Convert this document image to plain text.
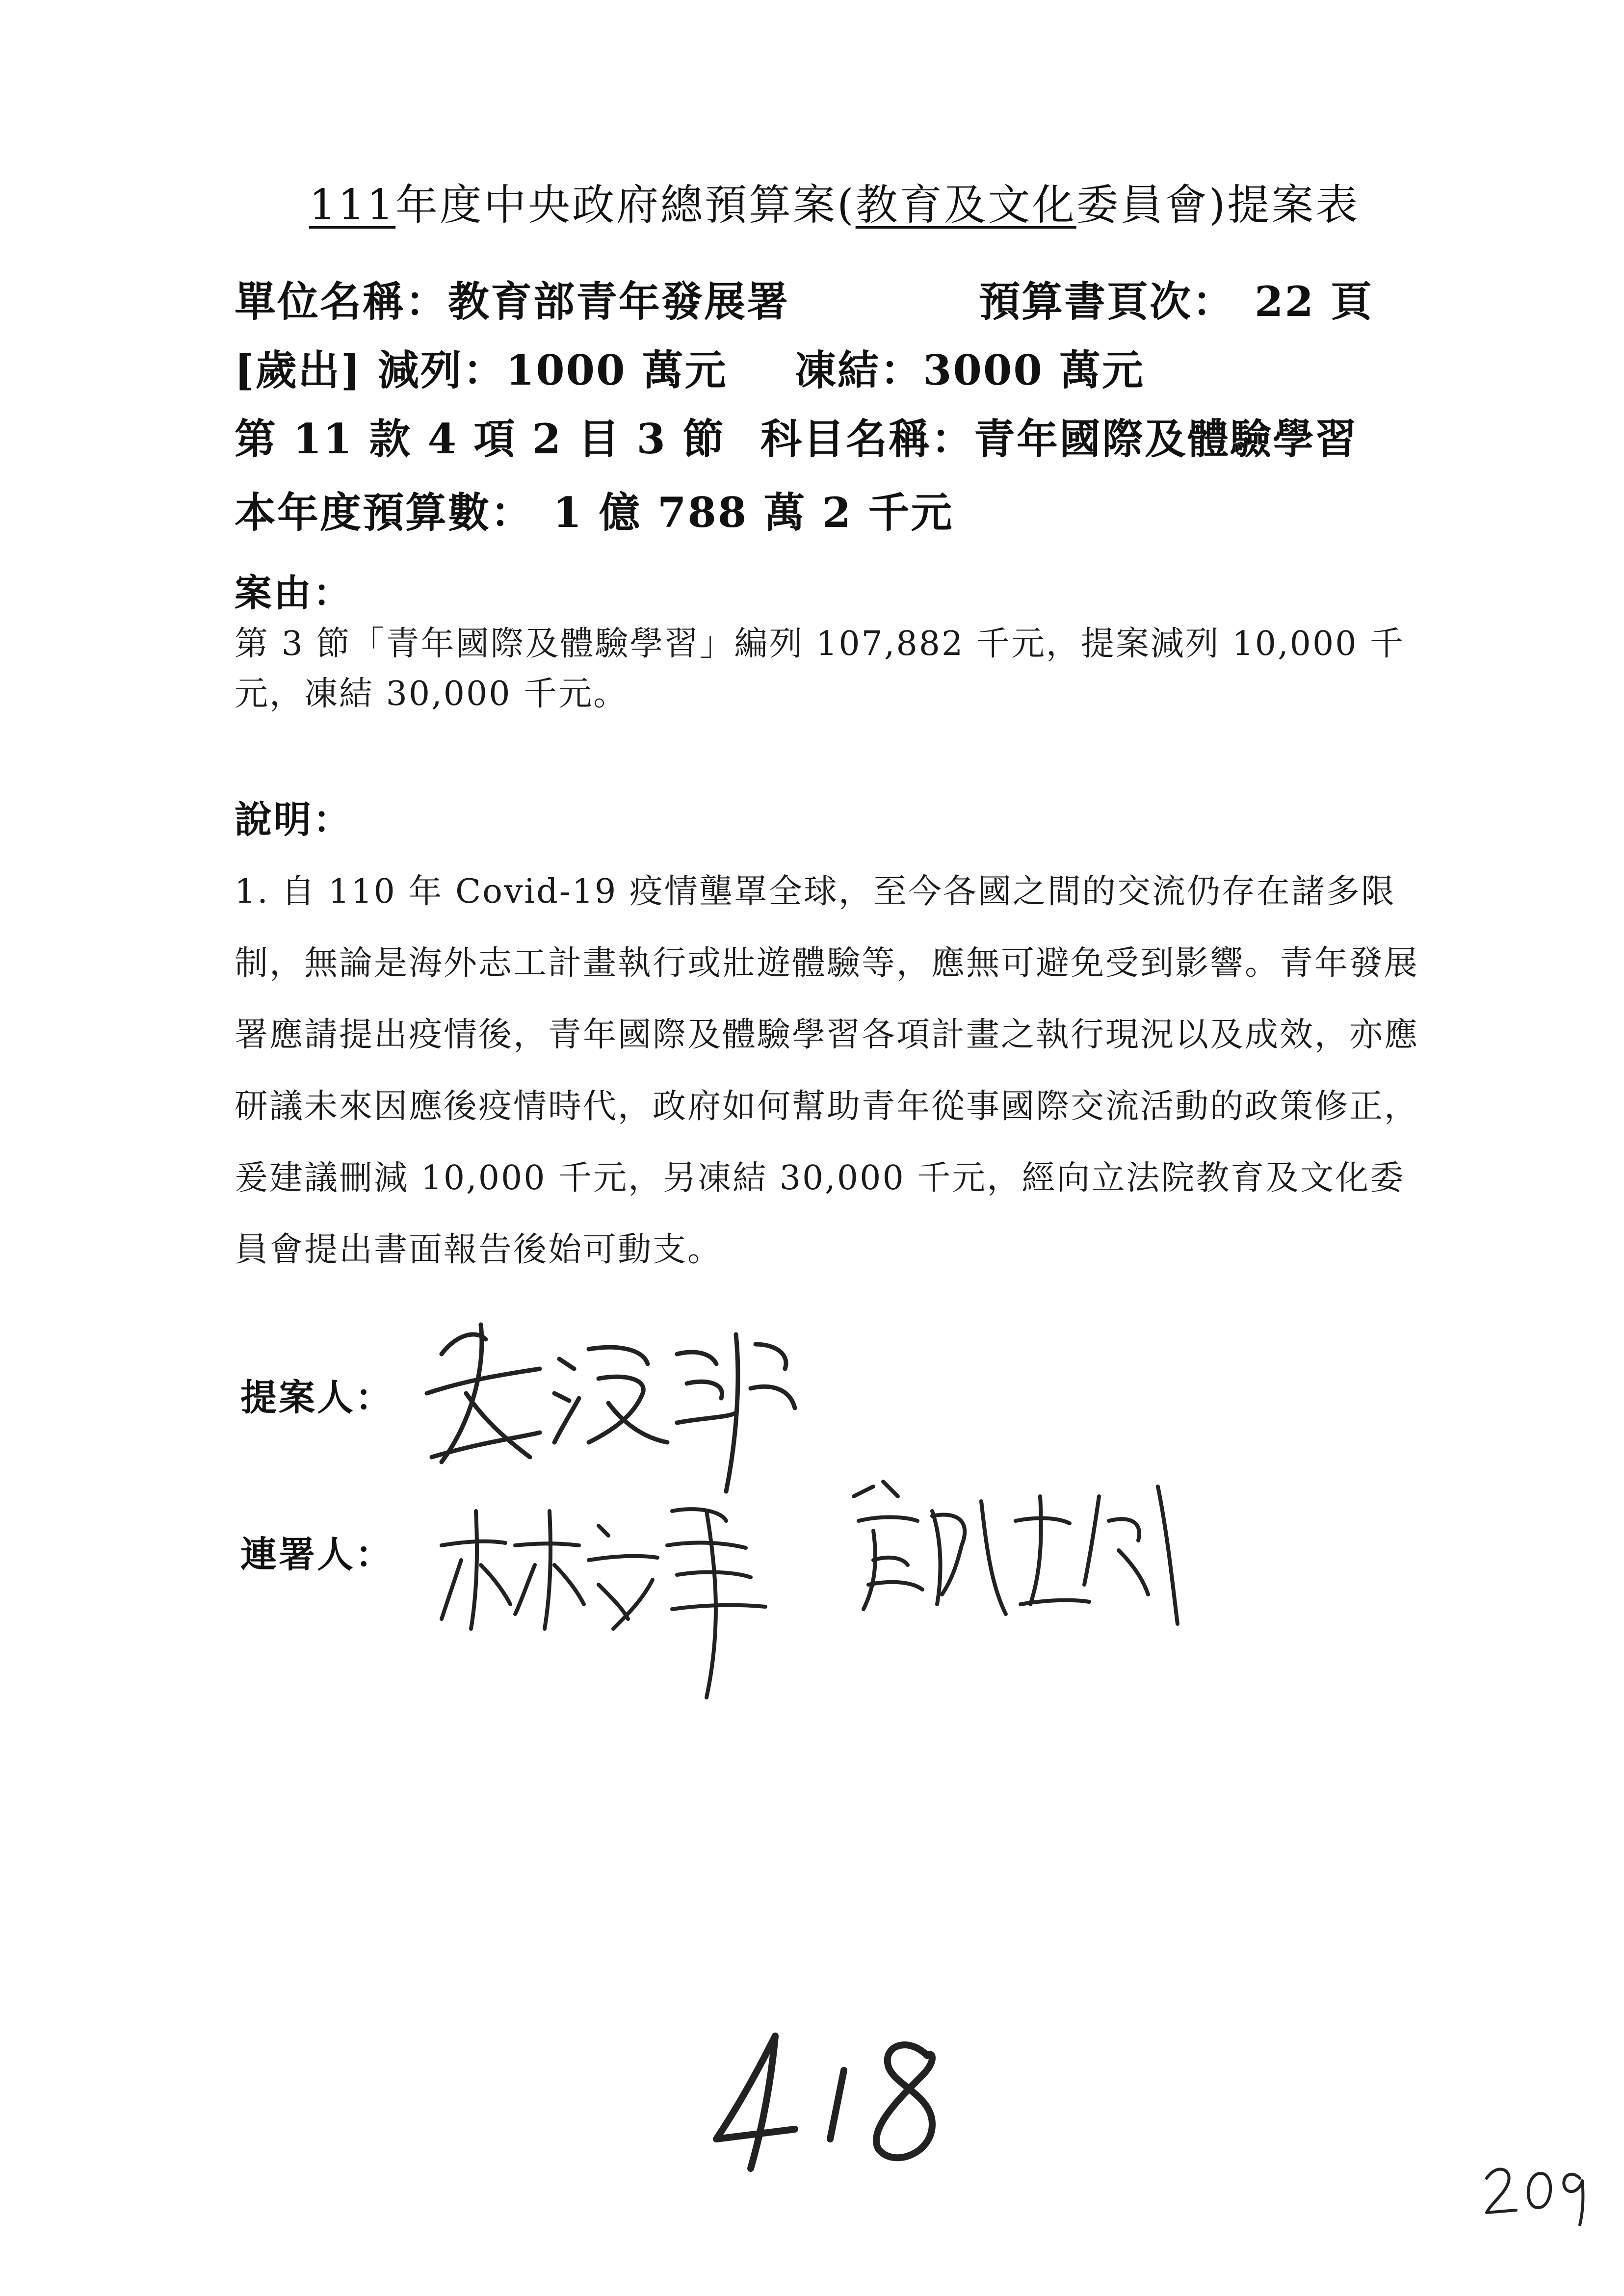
111年度中央政府總預算案(教育及文化委員會)提案表
單位名稱：教育部青年發展署	預算書頁次： 22 頁
[歲出] 減列：1000 萬元 凍結：3000 萬元
第 11 款 4 項 2 目 3 節 科目名稱：青年國際及體驗學習
本年度預算數： 1 億 788 萬 2 千元
案由：
第 3 節「青年國際及體驗學習」編列 107,882 千元，提案減列 10,000 千元，凍結 30,000 千元。
說明：
1. 自 110 年 Covid-19 疫情壟罩全球，至今各國之間的交流仍存在諸多限制，無論是海外志工計畫執行或壯遊體驗等，應無可避免受到影響。青年發展署應請提出疫情後，青年國際及體驗學習各項計畫之執行現況以及成效，亦應研議未來因應後疫情時代，政府如何幫助青年從事國際交流活動的政策修正，爰建議刪減 10,000 千元，另凍結 30,000 千元，經向立法院教育及文化委員會提出書面報告後始可動支。
提案人：
連署人：
